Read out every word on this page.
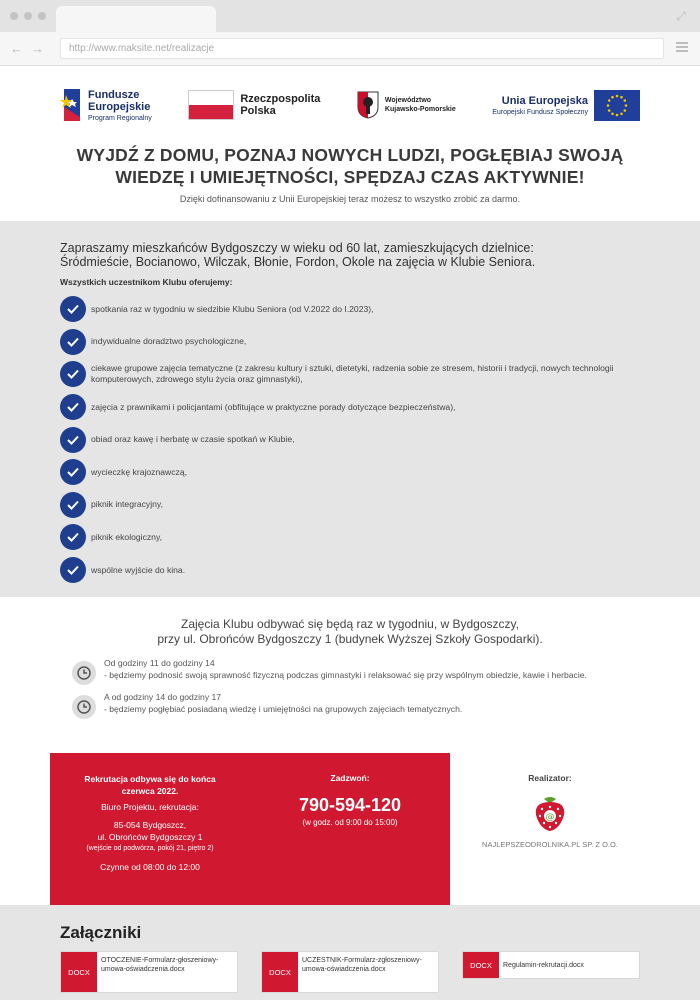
⤢
← →	http://www.maksite.net/realizacje
Fundusze
Europejskie
Program Regionalny
Rzeczpospolita
Polska
Województwo
Kujawsko-Pomorskie
Unia Europejska
Europejski Fundusz Społeczny
WYJDŹ Z DOMU, POZNAJ NOWYCH LUDZI, POGŁĘBIAJ SWOJĄ
WIEDZĘ I UMIEJĘTNOŚCI, SPĘDZAJ CZAS AKTYWNIE!

Dzięki dofinansowaniu z Unii Europejskiej teraz możesz to wszystko zrobić za darmo.

Zapraszamy mieszkańców Bydgoszczy w wieku od 60 lat, zamieszkujących dzielnice:
Śródmieście, Bocianowo, Wilczak, Błonie, Fordon, Okole na zajęcia w Klubie Seniora.
Wszystkich uczestnikom Klubu oferujemy:
spotkania raz w tygodniu w siedzibie Klubu Seniora (od V.2022 do I.2023),
indywidualne doradztwo psychologiczne,
ciekawe grupowe zajęcia tematyczne (z zakresu kultury i sztuki, dietetyki, radzenia sobie ze stresem, historii i tradycji, nowych technologii komputerowych, zdrowego stylu życia oraz gimnastyki),
zajęcia z prawnikami i policjantami (obfitujące w praktyczne porady dotyczące bezpieczeństwa),
obiad oraz kawę i herbatę w czasie spotkań w Klubie,
wycieczkę krajoznawczą,
piknik integracyjny,
piknik ekologiczny,
wspólne wyjście do kina.
Zajęcia Klubu odbywać się będą raz w tygodniu, w Bydgoszczy,
przy ul. Obrońców Bydgoszczy 1 (budynek Wyższej Szkoły Gospodarki).
Od godziny 11 do godziny 14
- będziemy podnosić swoją sprawność fizyczną podczas gimnastyki i relaksować się przy wspólnym obiedzie, kawie i herbacie.
A od godziny 14 do godziny 17
- będziemy pogłębiać posiadaną wiedzę i umiejętności na grupowych zajęciach tematycznych.
Rekrutacja odbywa się do końca
czerwca 2022.
Biuro Projektu, rekrutacja:
85-054 Bydgoszcz,
ul. Obrońców Bydgoszczy 1
(wejście od podwórza, pokój 21, piętro 2)
Czynne od 08:00 do 12:00
Zadzwoń:
790-594-120
(w godz. od 9:00 do 15:00)
Realizator:
@
NAJLEPSZEODROLNIKA.PL SP. Z O.O.
Załączniki
DOCX
OTOCZENIE-Formularz-głoszeniowy-umowa-oświadczenia.docx	DOCX
UCZESTNIK-Formularz-zgłoszeniowy-umowa-oświadczenia.docx	DOCX	Regulamin-rekrutacji.docx
